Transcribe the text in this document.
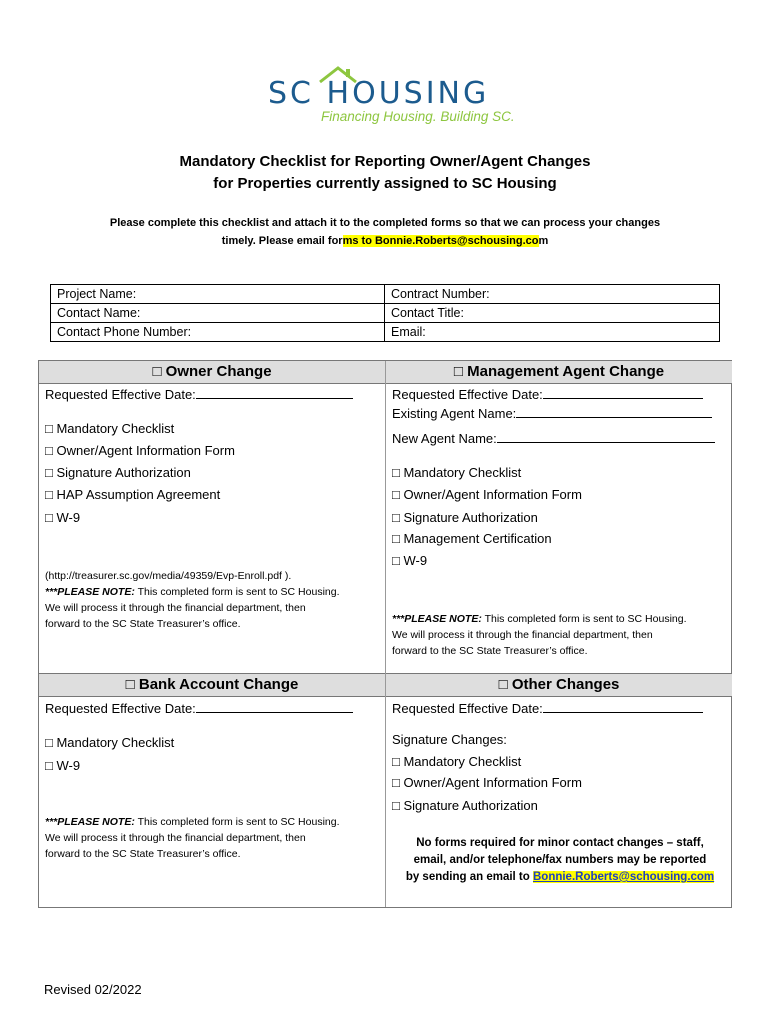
SC HOUSING
Financing Housing. Building SC.
Mandatory Checklist for Reporting Owner/Agent Changes
for Properties currently assigned to SC Housing
Please complete this checklist and attach it to the completed forms so that we can process your changes
timely. Please email forms to Bonnie.Roberts@schousing.com
Project Name:	Contract Number:
Contact Name:	Contact Title:
Contact Phone Number:	Email:
□ Owner Change
Requested Effective Date:
□ Mandatory Checklist
□ Owner/Agent Information Form
□ Signature Authorization
□ HAP Assumption Agreement
□ W-9
(http://treasurer.sc.gov/media/49359/Evp-Enroll.pdf ).
***PLEASE NOTE: This completed form is sent to SC Housing.
We will process it through the financial department, then
forward to the SC State Treasurer’s office.
□ Management Agent Change
Requested Effective Date:
Existing Agent Name:
New Agent Name:
□ Mandatory Checklist
□ Owner/Agent Information Form
□ Signature Authorization
□ Management Certification
□ W-9
***PLEASE NOTE: This completed form is sent to SC Housing.
We will process it through the financial department, then
forward to the SC State Treasurer’s office.
□ Bank Account Change
Requested Effective Date:
□ Mandatory Checklist
□ W-9
***PLEASE NOTE: This completed form is sent to SC Housing.
We will process it through the financial department, then
forward to the SC State Treasurer’s office.
□ Other Changes
Requested Effective Date:
Signature Changes:
□ Mandatory Checklist
□ Owner/Agent Information Form
□ Signature Authorization
No forms required for minor contact changes – staff,
email, and/or telephone/fax numbers may be reported
by sending an email to Bonnie.Roberts@schousing.com
Revised 02/2022
